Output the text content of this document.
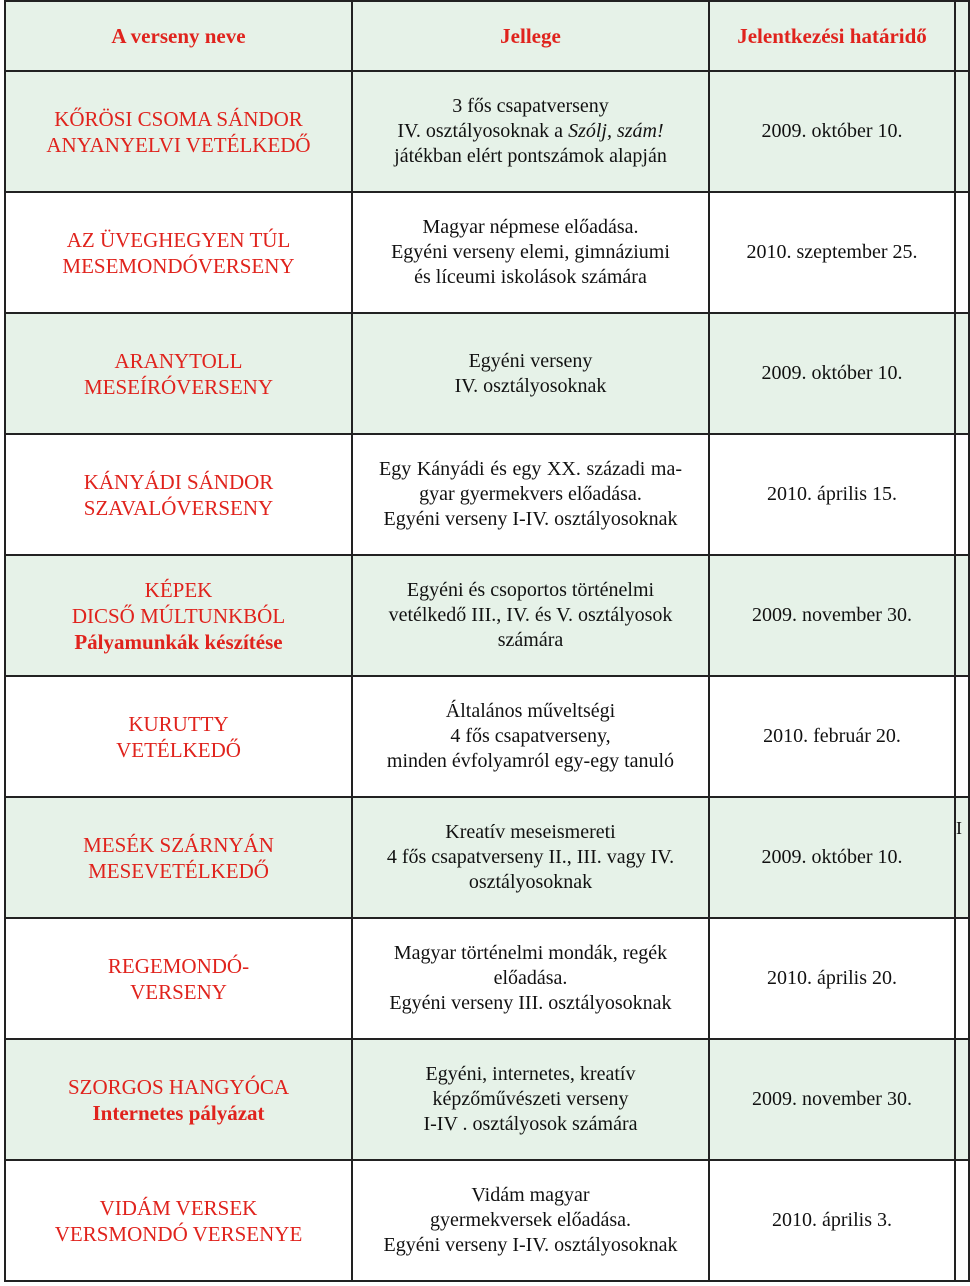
A verseny neve	Jellege	Jelentkezési határidő	

KŐRÖSI CSOMA SÁNDOR
ANYANYELVI VETÉLKEDŐ	3 fős csapatverseny
IV. osztályosoknak a Szólj, szám!
játékban elért pontszámok alapján	2009. október 10.	

AZ ÜVEGHEGYEN TÚL
MESEMONDÓVERSENY	Magyar népmese előadása.
Egyéni verseny elemi, gimnáziumi
és líceumi iskolások számára	2010. szeptember 25.	

ARANYTOLL
MESEÍRÓVERSENY	Egyéni verseny
IV. osztályosoknak	2009. október 10.	

KÁNYÁDI SÁNDOR
SZAVALÓVERSENY	Egy Kányádi és egy XX. századi ma-
gyar gyermekvers előadása.
Egyéni verseny I-IV. osztályosoknak	2010. április 15.	

KÉPEK
DICSŐ MÚLTUNKBÓL
Pályamunkák készítése	Egyéni és csoportos történelmi
vetélkedő III., IV. és V. osztályosok
számára	2009. november 30.	

KURUTTY
VETÉLKEDŐ	Általános műveltségi
4 fős csapatverseny,
minden évfolyamról egy-egy tanuló	2010. február 20.	

MESÉK SZÁRNYÁN
MESEVETÉLKEDŐ	Kreatív meseismereti
4 fős csapatverseny II., III. vagy IV.
osztályosoknak	2009. október 10.	I

REGEMONDÓ-
VERSENY	Magyar történelmi mondák, regék
előadása.
Egyéni verseny III. osztályosoknak	2010. április 20.	

SZORGOS HANGYÓCA
Internetes pályázat	Egyéni, internetes, kreatív
képzőművészeti verseny
I-IV . osztályosok számára	2009. november 30.	

VIDÁM VERSEK
VERSMONDÓ VERSENYE	Vidám magyar
gyermekversek előadása.
Egyéni verseny I-IV. osztályosoknak	2010. április 3.	
